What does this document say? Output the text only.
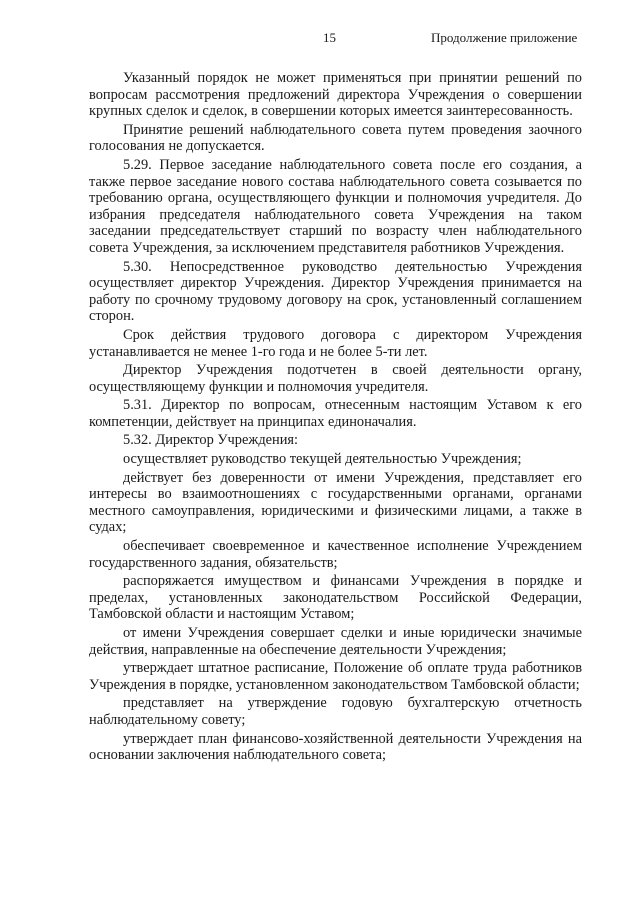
15	Продолжение приложение

Указанный порядок не может применяться при принятии решений по вопросам рассмотрения предложений директора Учреждения о совершении крупных сделок и сделок, в совершении которых имеется заинтересованность.

Принятие решений наблюдательного совета путем проведения заочного голосования не допускается.

5.29. Первое заседание наблюдательного совета после его создания, а также первое заседание нового состава наблюдательного совета созывается по требованию органа, осуществляющего функции и полномочия учредителя. До избрания председателя наблюдательного совета Учреждения на таком заседании председательствует старший по возрасту член наблюдательного совета Учреждения, за исключением представителя работников Учреждения.

5.30. Непосредственное руководство деятельностью Учреждения осуществляет директор Учреждения. Директор Учреждения принимается на работу по срочному трудовому договору на срок, установленный соглашением сторон.

Срок действия трудового договора с директором Учреждения устанавливается не менее 1-го года и не более 5-ти лет.

Директор Учреждения подотчетен в своей деятельности органу, осуществляющему функции и полномочия учредителя.

5.31. Директор по вопросам, отнесенным настоящим Уставом к его компетенции, действует на принципах единоначалия.

5.32. Директор Учреждения:

осуществляет руководство текущей деятельностью Учреждения;

действует без доверенности от имени Учреждения, представляет его интересы во взаимоотношениях с государственными органами, органами местного самоуправления, юридическими и физическими лицами, а также в судах;

обеспечивает своевременное и качественное исполнение Учреждением государственного задания, обязательств;

распоряжается имуществом и финансами Учреждения в порядке и пределах, установленных законодательством Российской Федерации, Тамбовской области и настоящим Уставом;

от имени Учреждения совершает сделки и иные юридически значимые действия, направленные на обеспечение деятельности Учреждения;

утверждает штатное расписание, Положение об оплате труда работников Учреждения в порядке, установленном законодательством Тамбовской области;

представляет на утверждение годовую бухгалтерскую отчетность наблюдательному совету;

утверждает план финансово-хозяйственной деятельности Учреждения на основании заключения наблюдательного совета;
